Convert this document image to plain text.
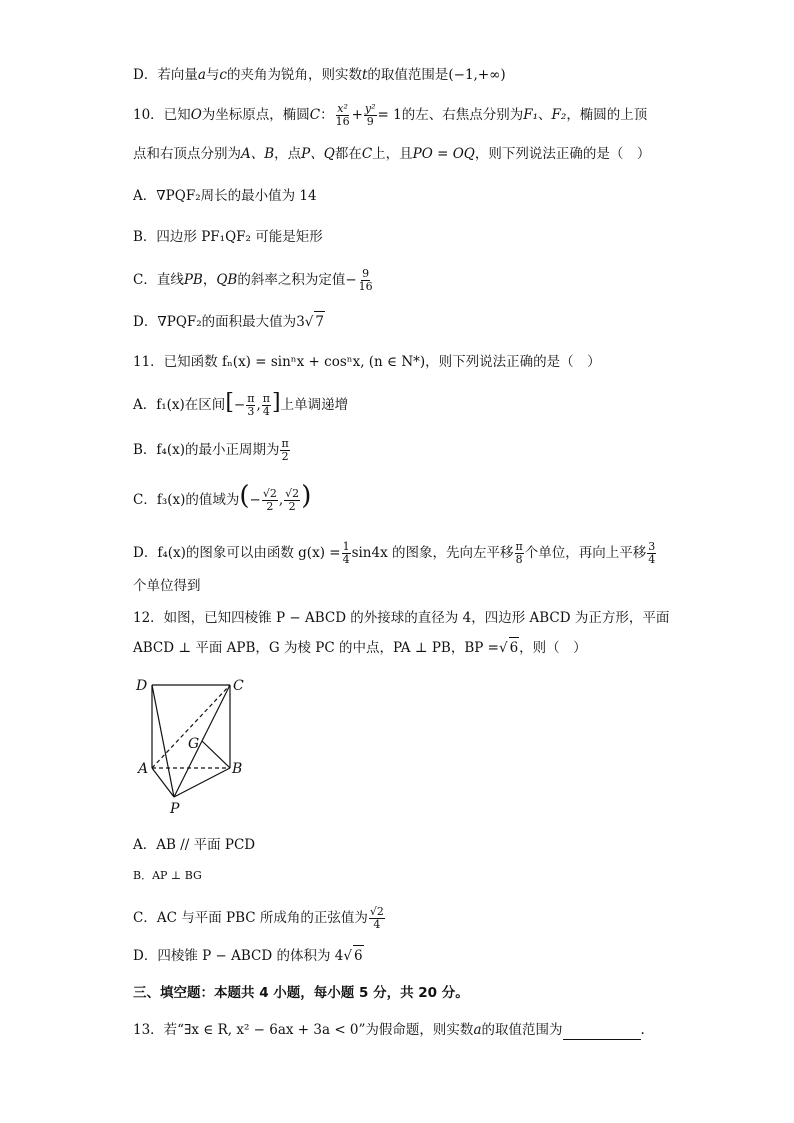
D．若向量a与c的夹角为锐角，则实数t的取值范围是(−1,+∞)
10．已知O为坐标原点，椭圆C： $\frac{\text{x²}}{16} + \frac{\text{y²}}{9} = 1$的左、右焦点分别为F₁、F₂，椭圆的上顶
点和右顶点分别为A、B，点P、Q都在C上，且PO = OQ，则下列说法正确的是（　）
A．∇PQF₂周长的最小值为 14
B．四边形 PF₁QF₂ 可能是矩形
C．直线PB，QB的斜率之积为定值− $\frac{9}{16}$
D．∇PQF₂的面积最大值为3√ 7
11．已知函数 fₙ(x) = sinⁿx + cosⁿx, (n ∈ N*)，则下列说法正确的是（　）
A．f₁(x)在区间[− $\frac{\pi}{3}$ , $\frac{\pi}{4}$ ]上单调递增
B．f₄(x)的最小正周期为 $\frac{\pi}{2}$
C．f₃(x)的值域为(− $\frac{√2}{2}$ , $\frac{√2}{2}$ )
D．f₄(x)的图象可以由函数 $g(x) = \frac{1}{4} \sin 4x$ 的图象，先向左平移 $\frac{\pi}{8}$ 个单位，再向上平移 $\frac{3}{4}$
个单位得到
12．如图，已知四棱锥 P − ABCD 的外接球的直径为 4，四边形 ABCD 为正方形，平面
ABCD ⊥ 平面 APB，G 为棱 PC 的中点，PA ⊥ PB，BP =√ 6，则（　）
D	C
G
A	B
P
A．AB // 平面 PCD
B．AP ⊥ BG
C．AC 与平面 PBC 所成角的正弦值为 $\frac{√2}{4}$
D．四棱锥 P − ABCD 的体积为 4√ 6
三、填空题：本题共 4 小题，每小题 5 分，共 20 分。
13．若“∃x ∈ R, x² − 6ax + 3a < 0”为假命题，则实数a的取值范围为	.
